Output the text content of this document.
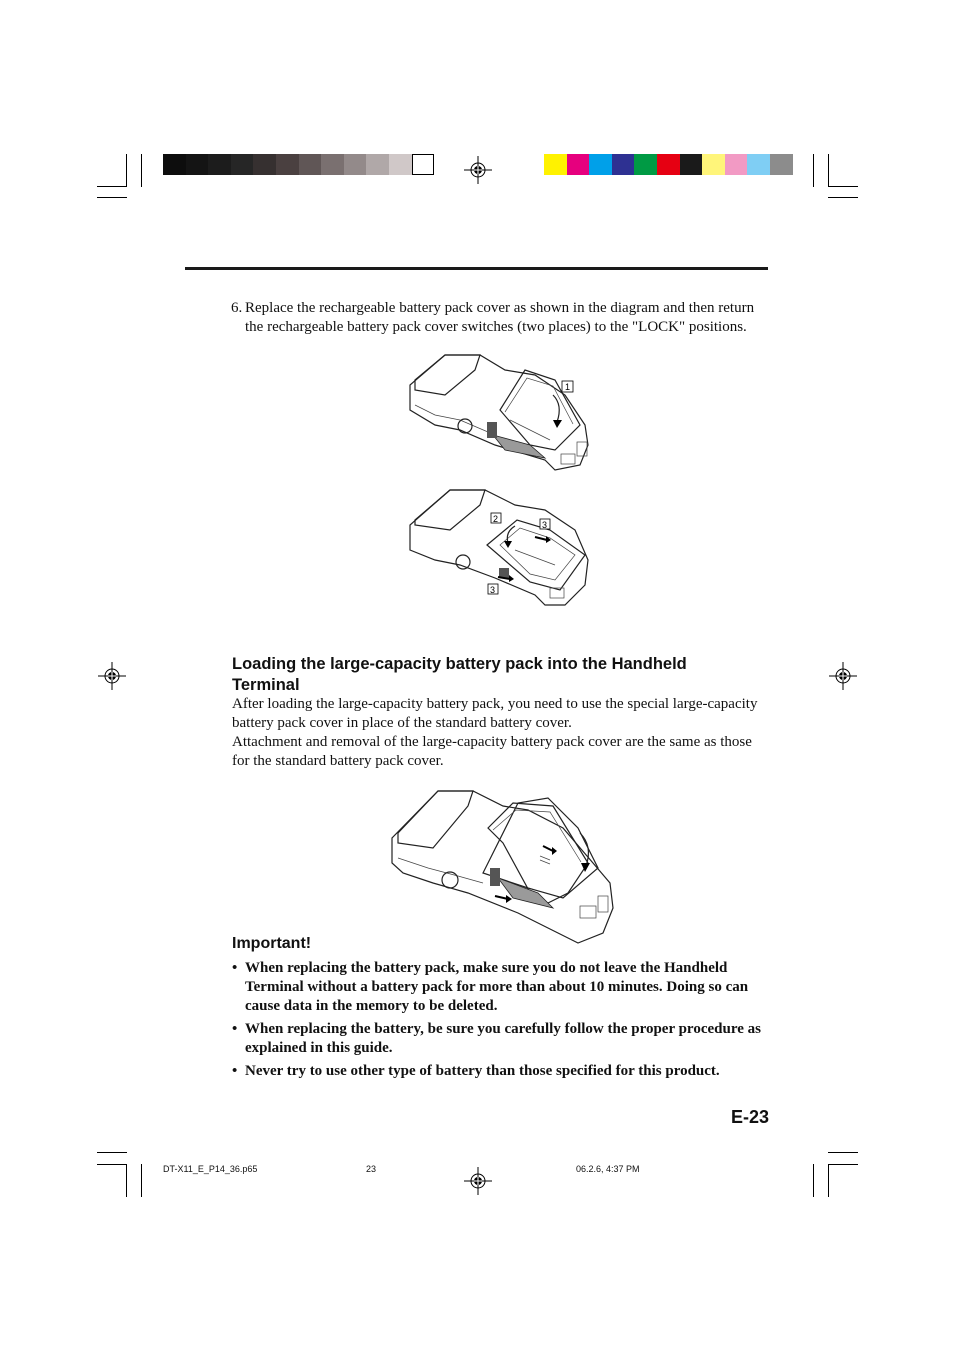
6. Replace the rechargeable battery pack cover as shown in the diagram and then return the rechargeable battery pack cover switches (two places) to the "LOCK" positions.
1
2
3
3
Loading the large-capacity battery pack into the Handheld Terminal
After loading the large-capacity battery pack, you need to use the special large-capacity battery pack cover in place of the standard battery cover.
Attachment and removal of the large-capacity battery pack cover are the same as those for the standard battery pack cover.
Important!
• When replacing the battery pack, make sure you do not leave the Handheld Terminal without a battery pack for more than about 10 minutes. Doing so can cause data in the memory to be deleted.
• When replacing the battery, be sure you carefully follow the proper procedure as explained in this guide.
• Never try to use other type of battery than those specified for this product.
E-23
DT-X11_E_P14_36.p65	23	06.2.6, 4:37 PM
